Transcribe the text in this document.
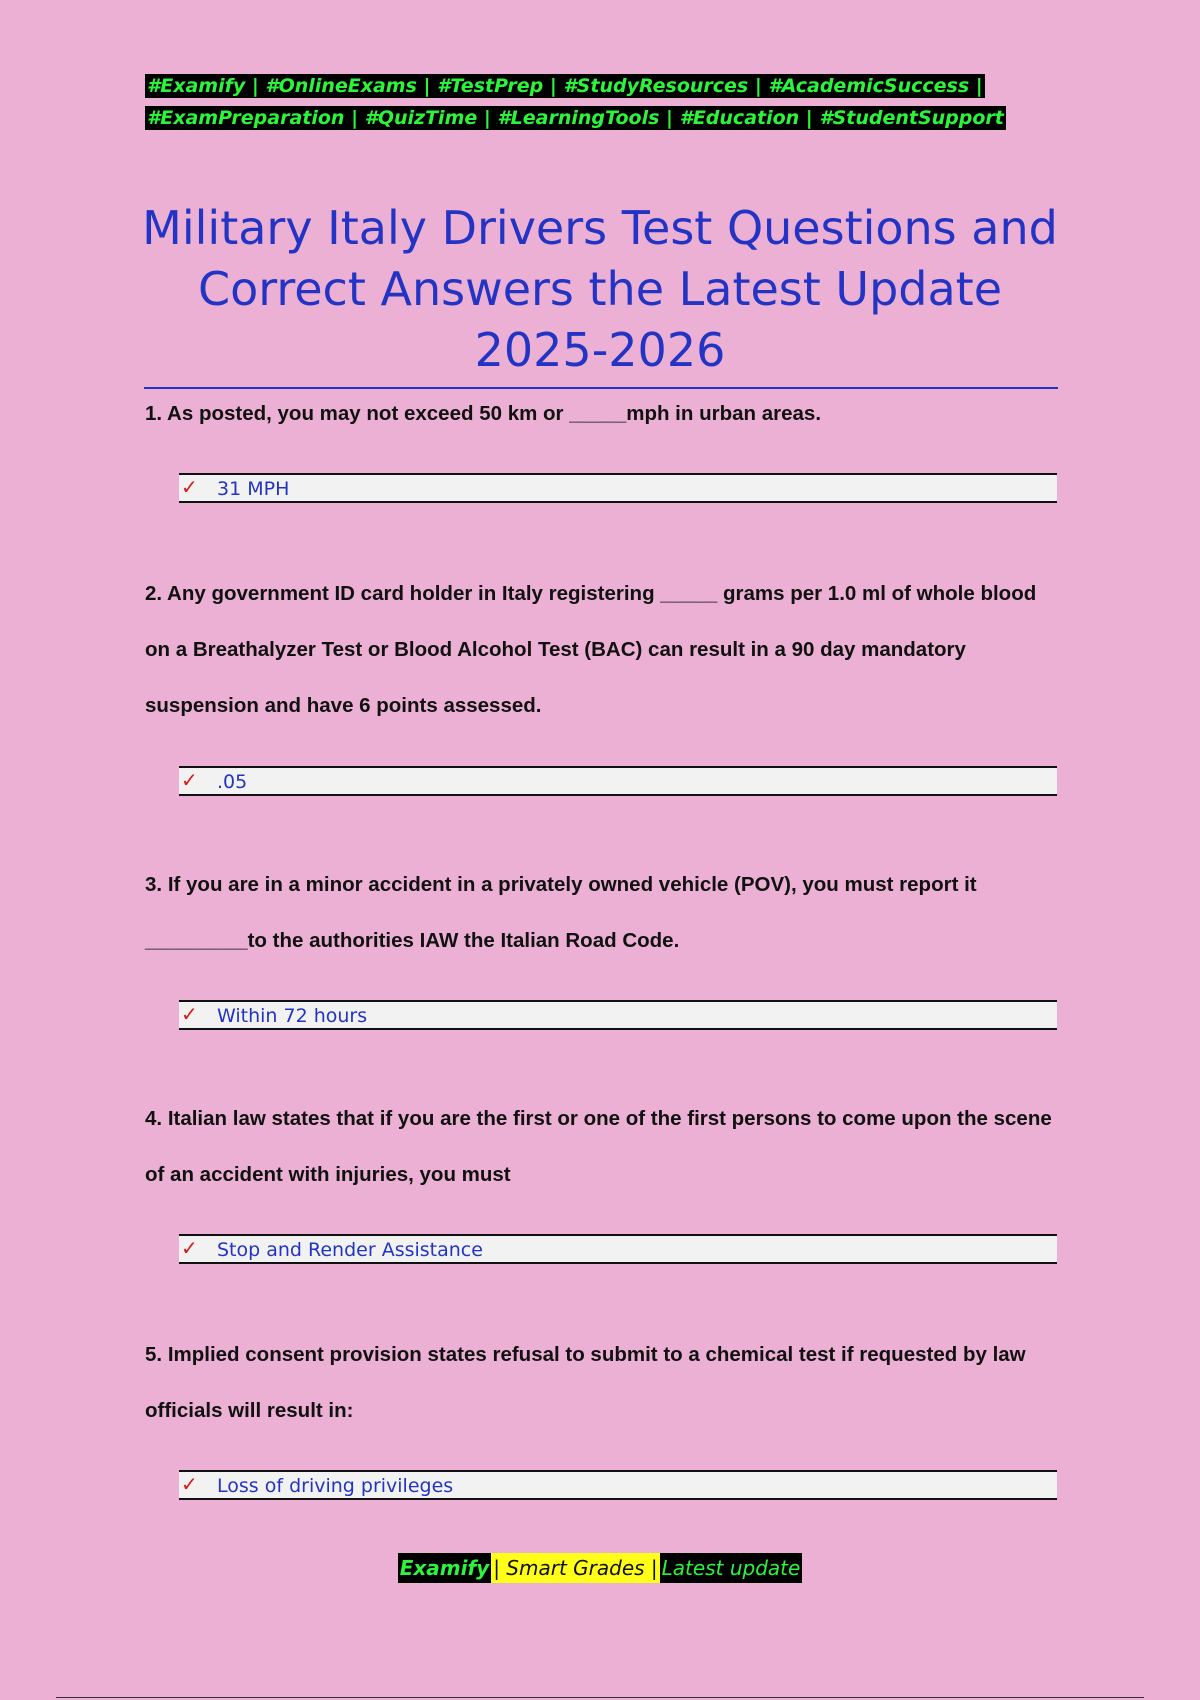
#Examify | #OnlineExams | #TestPrep | #StudyResources | #AcademicSuccess |
#ExamPreparation | #QuizTime | #LearningTools | #Education | #StudentSupport
Military Italy Drivers Test Questions and Correct Answers the Latest Update 2025-2026
1. As posted, you may not exceed 50 km or _____mph in urban areas.
✓ 31 MPH
2. Any government ID card holder in Italy registering _____ grams per 1.0 ml of whole blood on a Breathalyzer Test or Blood Alcohol Test (BAC) can result in a 90 day mandatory suspension and have 6 points assessed.
✓ .05
3. If you are in a minor accident in a privately owned vehicle (POV), you must report it _________to the authorities IAW the Italian Road Code.
✓ Within 72 hours
4. Italian law states that if you are the first or one of the first persons to come upon the scene of an accident with injuries, you must
✓ Stop and Render Assistance
5. Implied consent provision states refusal to submit to a chemical test if requested by law officials will result in:
✓ Loss of driving privileges
Examify | Smart Grades | Latest update
